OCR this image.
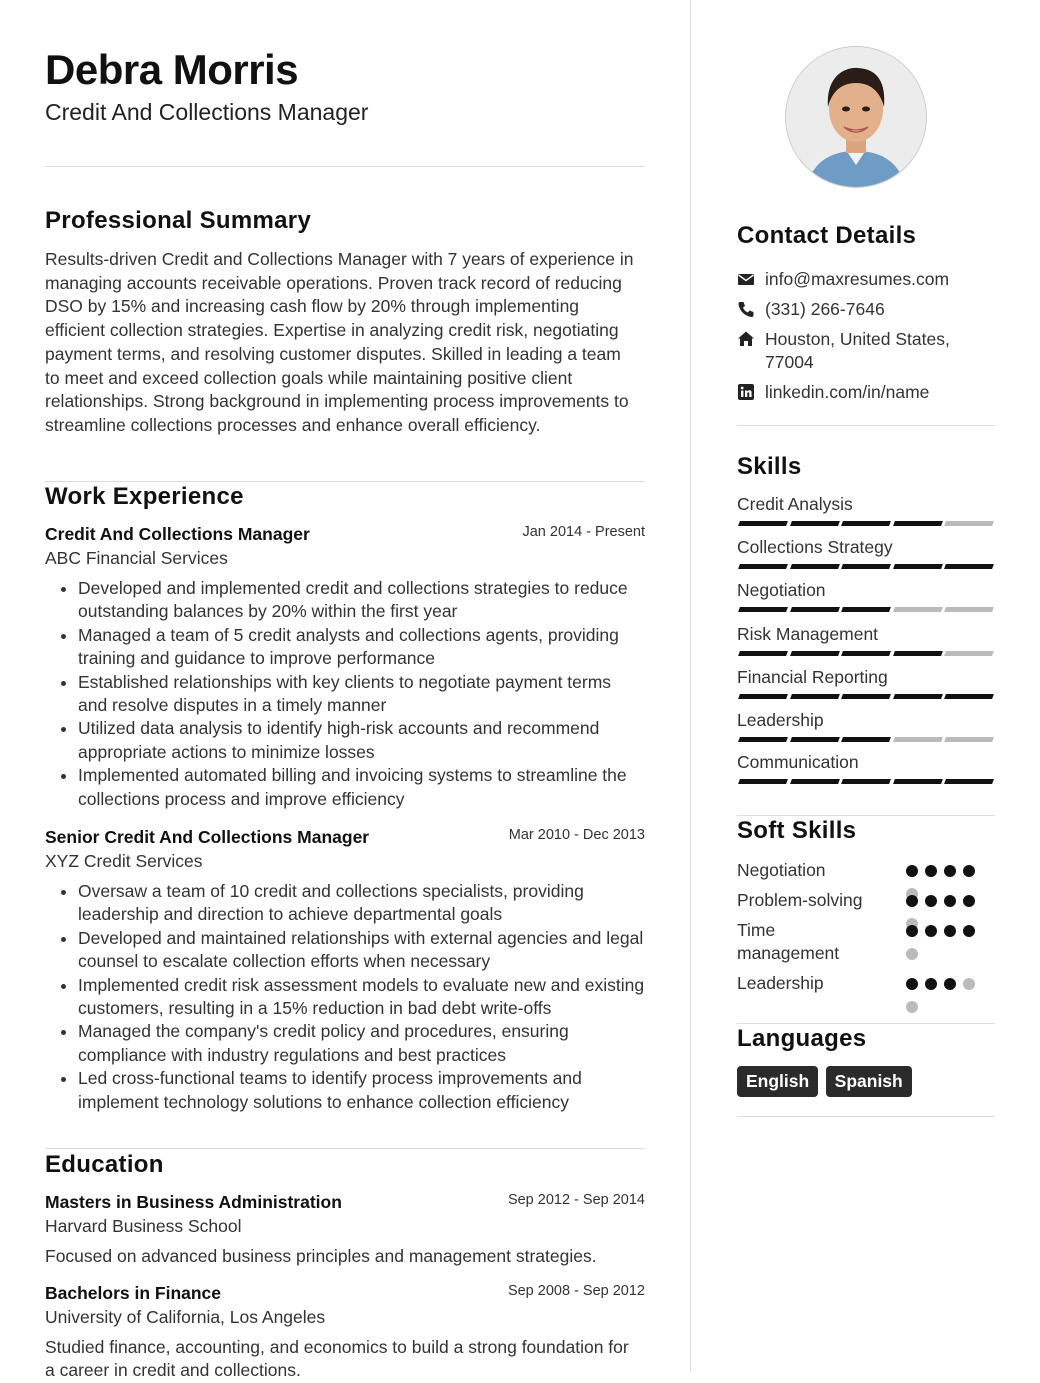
Debra Morris
Credit And Collections Manager
Professional Summary
Results-driven Credit and Collections Manager with 7 years of experience in managing accounts receivable operations. Proven track record of reducing DSO by 15% and increasing cash flow by 20% through implementing efficient collection strategies. Expertise in analyzing credit risk, negotiating payment terms, and resolving customer disputes. Skilled in leading a team to meet and exceed collection goals while maintaining positive client relationships. Strong background in implementing process improvements to streamline collections processes and enhance overall efficiency.
Work Experience
Credit And Collections Manager	Jan 2014 - Present
ABC Financial Services
• Developed and implemented credit and collections strategies to reduce outstanding balances by 20% within the first year
• Managed a team of 5 credit analysts and collections agents, providing training and guidance to improve performance
• Established relationships with key clients to negotiate payment terms and resolve disputes in a timely manner
• Utilized data analysis to identify high-risk accounts and recommend appropriate actions to minimize losses
• Implemented automated billing and invoicing systems to streamline the collections process and improve efficiency
Senior Credit And Collections Manager	Mar 2010 - Dec 2013
XYZ Credit Services
• Oversaw a team of 10 credit and collections specialists, providing leadership and direction to achieve departmental goals
• Developed and maintained relationships with external agencies and legal counsel to escalate collection efforts when necessary
• Implemented credit risk assessment models to evaluate new and existing customers, resulting in a 15% reduction in bad debt write-offs
• Managed the company's credit policy and procedures, ensuring compliance with industry regulations and best practices
• Led cross-functional teams to identify process improvements and implement technology solutions to enhance collection efficiency
Education
Masters in Business Administration	Sep 2012 - Sep 2014
Harvard Business School
Focused on advanced business principles and management strategies.
Bachelors in Finance	Sep 2008 - Sep 2012
University of California, Los Angeles
Studied finance, accounting, and economics to build a strong foundation for a career in credit and collections.
Contact Details
info@maxresumes.com
(331) 266-7646
Houston, United States, 77004
linkedin.com/in/name
Skills
Credit Analysis
Collections Strategy
Negotiation
Risk Management
Financial Reporting
Leadership
Communication
Soft Skills
Negotiation
Problem-solving
Time management
Leadership
Languages
English Spanish
